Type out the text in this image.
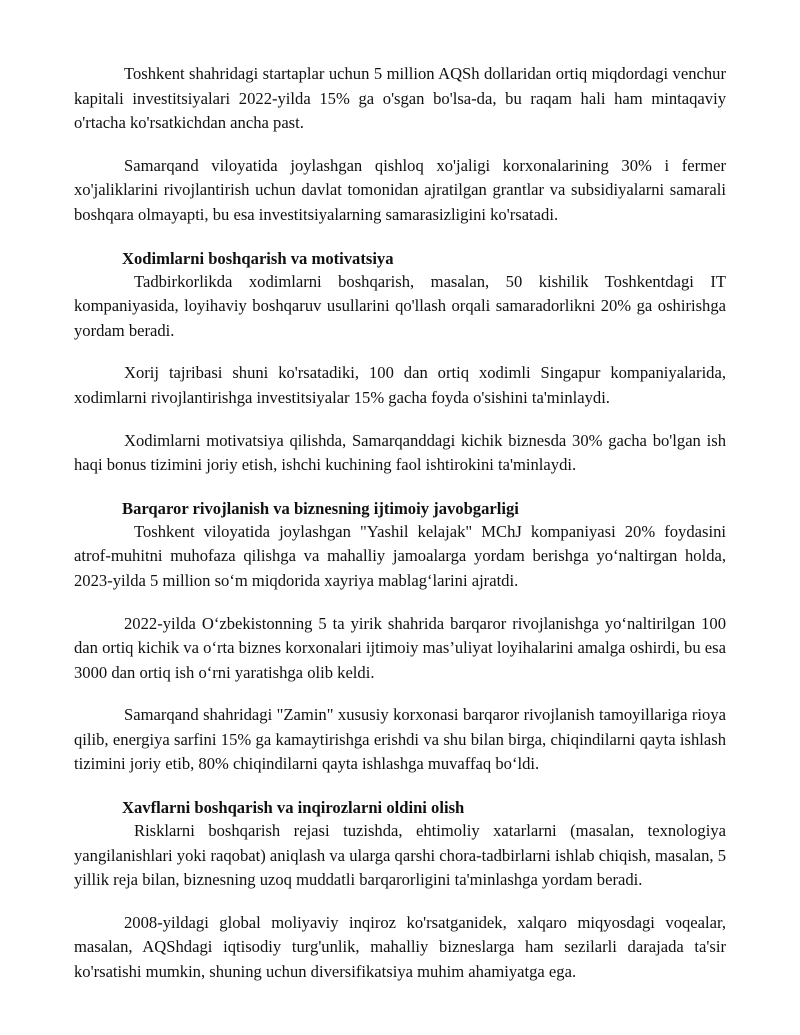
Toshkent shahridagi startaplar uchun 5 million AQSh dollaridan ortiq miqdordagi venchur kapitali investitsiyalari 2022-yilda 15% ga o'sgan bo'lsa-da, bu raqam hali ham mintaqaviy o'rtacha ko'rsatkichdan ancha past.

Samarqand viloyatida joylashgan qishloq xo'jaligi korxonalarining 30% i fermer xo'jaliklarini rivojlantirish uchun davlat tomonidan ajratilgan grantlar va subsidiyalarni samarali boshqara olmayapti, bu esa investitsiyalarning samarasizligini ko'rsatadi.

Xodimlarni boshqarish va motivatsiya

Tadbirkorlikda xodimlarni boshqarish, masalan, 50 kishilik Toshkentdagi IT kompaniyasida, loyihaviy boshqaruv usullarini qo'llash orqali samaradorlikni 20% ga oshirishga yordam beradi.

Xorij tajribasi shuni ko'rsatadiki, 100 dan ortiq xodimli Singapur kompaniyalarida, xodimlarni rivojlantirishga investitsiyalar 15% gacha foyda o'sishini ta'minlaydi.

Xodimlarni motivatsiya qilishda, Samarqanddagi kichik biznesda 30% gacha bo'lgan ish haqi bonus tizimini joriy etish, ishchi kuchining faol ishtirokini ta'minlaydi.

Barqaror rivojlanish va biznesning ijtimoiy javobgarligi

Toshkent viloyatida joylashgan "Yashil kelajak" MChJ kompaniyasi 20% foydasini atrof-muhitni muhofaza qilishga va mahalliy jamoalarga yordam berishga yo‘naltirgan holda, 2023-yilda 5 million so‘m miqdorida xayriya mablag‘larini ajratdi.

2022-yilda O‘zbekistonning 5 ta yirik shahrida barqaror rivojlanishga yo‘naltirilgan 100 dan ortiq kichik va o‘rta biznes korxonalari ijtimoiy mas’uliyat loyihalarini amalga oshirdi, bu esa 3000 dan ortiq ish o‘rni yaratishga olib keldi.

Samarqand shahridagi "Zamin" xususiy korxonasi barqaror rivojlanish tamoyillariga rioya qilib, energiya sarfini 15% ga kamaytirishga erishdi va shu bilan birga, chiqindilarni qayta ishlash tizimini joriy etib, 80% chiqindilarni qayta ishlashga muvaffaq bo‘ldi.

Xavflarni boshqarish va inqirozlarni oldini olish

Risklarni boshqarish rejasi tuzishda, ehtimoliy xatarlarni (masalan, texnologiya yangilanishlari yoki raqobat) aniqlash va ularga qarshi chora-tadbirlarni ishlab chiqish, masalan, 5 yillik reja bilan, biznesning uzoq muddatli barqarorligini ta'minlashga yordam beradi.

2008-yildagi global moliyaviy inqiroz ko'rsatganidek, xalqaro miqyosdagi voqealar, masalan, AQShdagi iqtisodiy turg'unlik, mahalliy bizneslarga ham sezilarli darajada ta'sir ko'rsatishi mumkin, shuning uchun diversifikatsiya muhim ahamiyatga ega.
